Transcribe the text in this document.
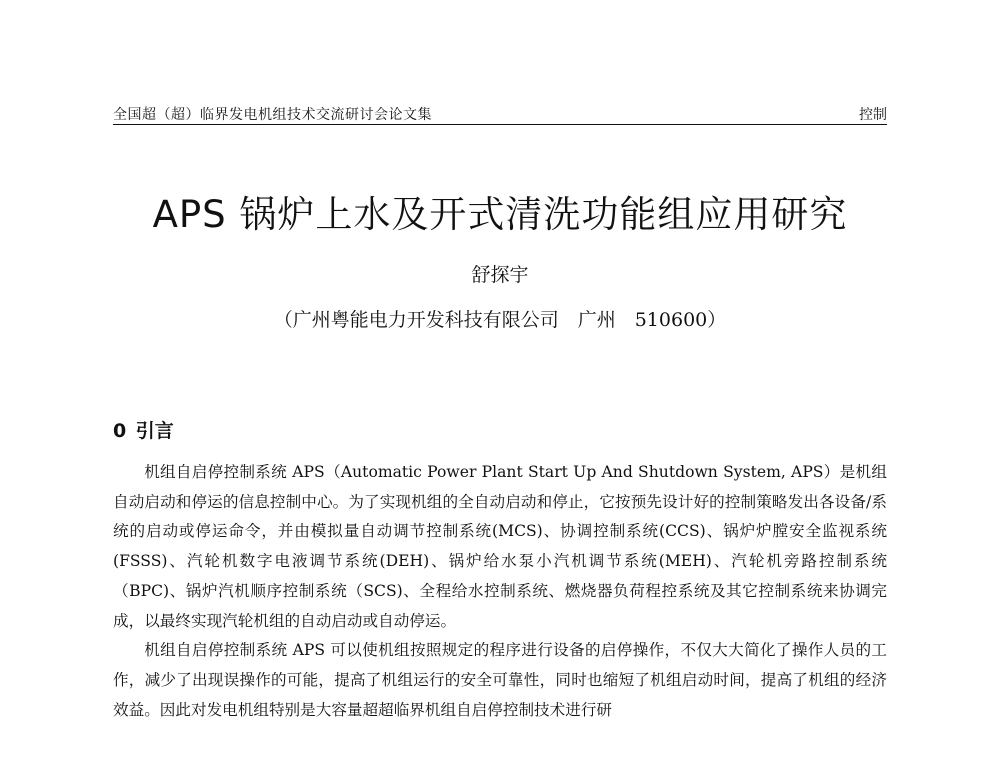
全国超（超）临界发电机组技术交流研讨会论文集	控制
APS 锅炉上水及开式清洗功能组应用研究
舒探宇
（广州粤能电力开发科技有限公司　广州　510600）
0 引言

机组自启停控制系统 APS（Automatic Power Plant Start Up And Shutdown System, APS）是机组自动启动和停运的信息控制中心。为了实现机组的全自动启动和停止，它按预先设计好的控制策略发出各设备/系统的启动或停运命令，并由模拟量自动调节控制系统(MCS)、协调控制系统(CCS)、锅炉炉膛安全监视系统(FSSS)、汽轮机数字电液调节系统(DEH)、锅炉给水泵小汽机调节系统(MEH)、汽轮机旁路控制系统（BPC)、锅炉汽机顺序控制系统（SCS)、全程给水控制系统、燃烧器负荷程控系统及其它控制系统来协调完成，以最终实现汽轮机组的自动启动或自动停运。

机组自启停控制系统 APS 可以使机组按照规定的程序进行设备的启停操作，不仅大大简化了操作人员的工作，减少了出现误操作的可能，提高了机组运行的安全可靠性，同时也缩短了机组启动时间，提高了机组的经济效益。因此对发电机组特别是大容量超超临界机组自启停控制技术进行研
